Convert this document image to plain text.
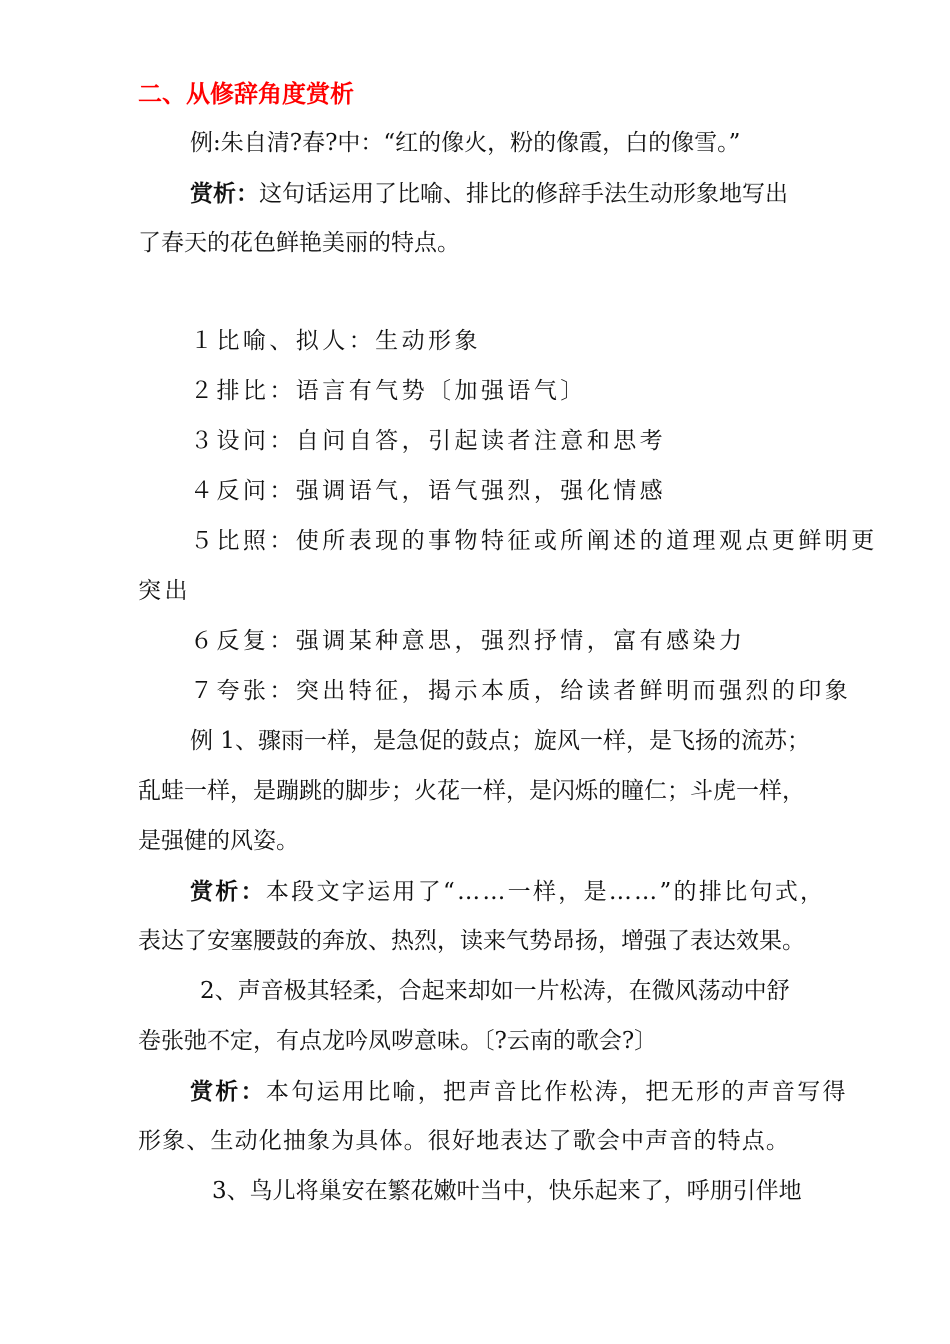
二、从修辞角度赏析
例:朱自清?春?中：“红的像火，粉的像霞，白的像雪。”
赏析：这句话运用了比喻、排比的修辞手法生动形象地写出
了春天的花色鲜艳美丽的特点。
１比喻、拟人：生动形象
２排比：语言有气势〔加强语气〕
３设问：自问自答，引起读者注意和思考
４反问：强调语气，语气强烈，强化情感
５比照：使所表现的事物特征或所阐述的道理观点更鲜明更
突出
６反复：强调某种意思，强烈抒情，富有感染力
７夸张：突出特征，揭示本质，给读者鲜明而强烈的印象
例 1、骤雨一样，是急促的鼓点；旋风一样，是飞扬的流苏；
乱蛙一样，是蹦跳的脚步；火花一样，是闪烁的瞳仁；斗虎一样，
是强健的风姿。
赏析：本段文字运用了“……一样，是……”的排比句式，
表达了安塞腰鼓的奔放、热烈，读来气势昂扬，增强了表达效果。
2、声音极其轻柔，合起来却如一片松涛，在微风荡动中舒
卷张弛不定，有点龙吟凤哕意味。〔?云南的歌会?〕
赏析：本句运用比喻，把声音比作松涛，把无形的声音写得
形象、生动化抽象为具体。很好地表达了歌会中声音的特点。
3、鸟儿将巢安在繁花嫩叶当中，快乐起来了，呼朋引伴地
